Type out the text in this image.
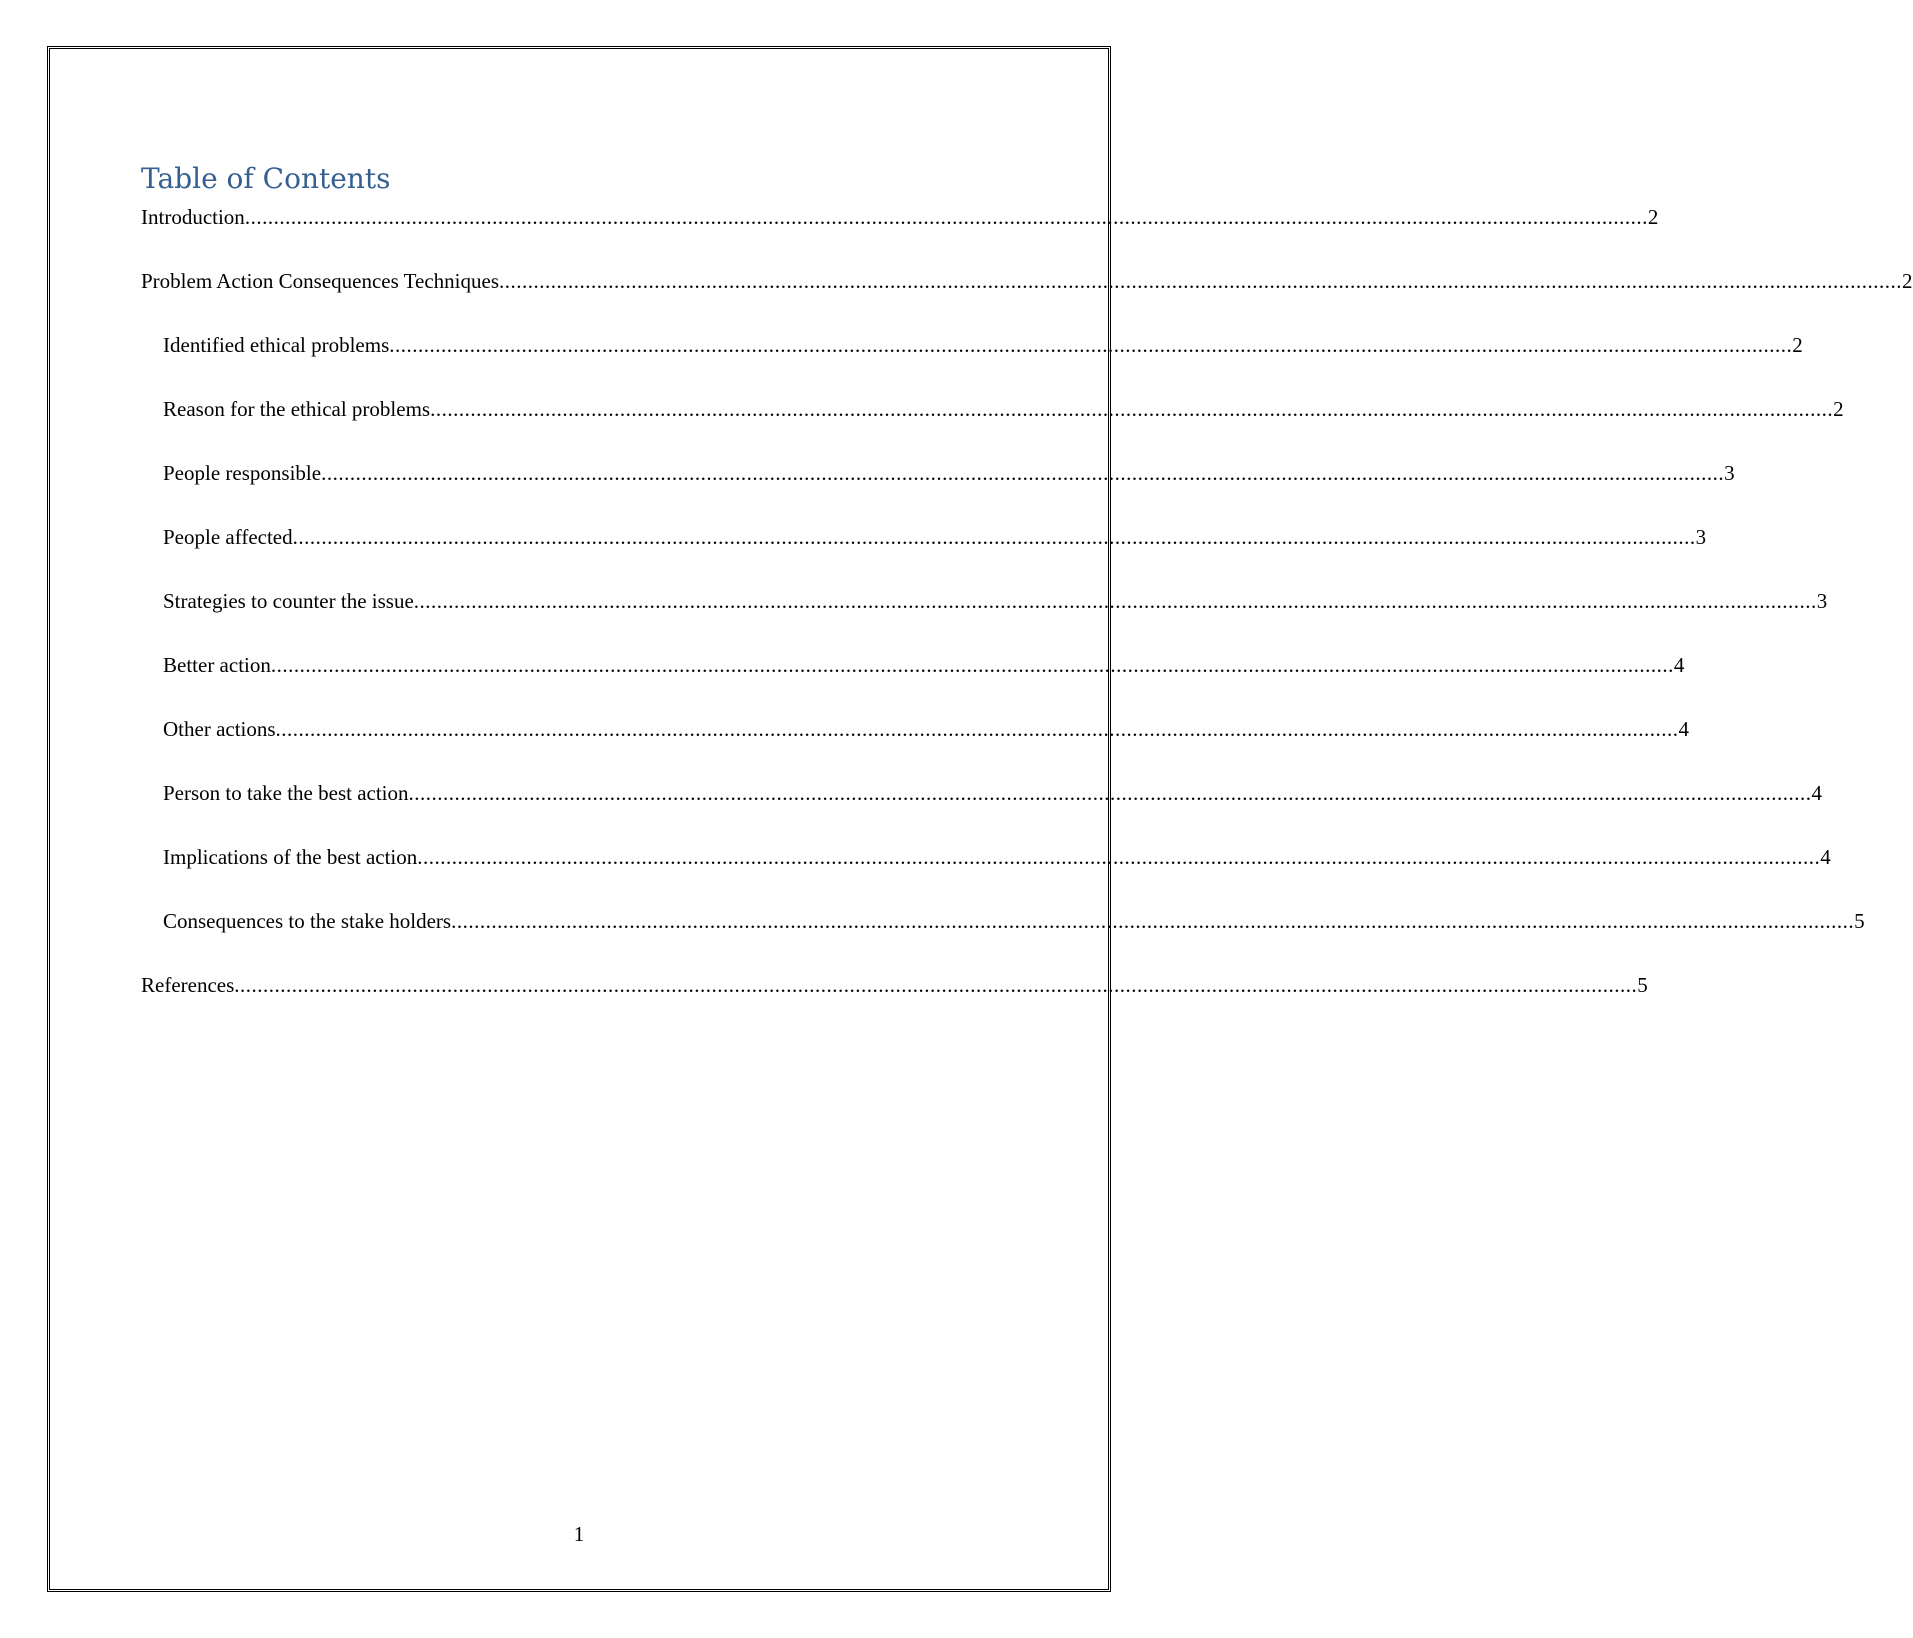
Table of Contents
Introduction .................................................................................................................................................................................................................................................... 2
Problem Action Consequences Techniques .................................................................................................................................................................................................................................................... 2
Identified ethical problems .................................................................................................................................................................................................................................................... 2
Reason for the ethical problems .................................................................................................................................................................................................................................................... 2
People responsible .................................................................................................................................................................................................................................................... 3
People affected .................................................................................................................................................................................................................................................... 3
Strategies to counter the issue .................................................................................................................................................................................................................................................... 3
Better action .................................................................................................................................................................................................................................................... 4
Other actions .................................................................................................................................................................................................................................................... 4
Person to take the best action .................................................................................................................................................................................................................................................... 4
Implications of the best action .................................................................................................................................................................................................................................................... 4
Consequences to the stake holders .................................................................................................................................................................................................................................................... 5
References .................................................................................................................................................................................................................................................... 5
1
